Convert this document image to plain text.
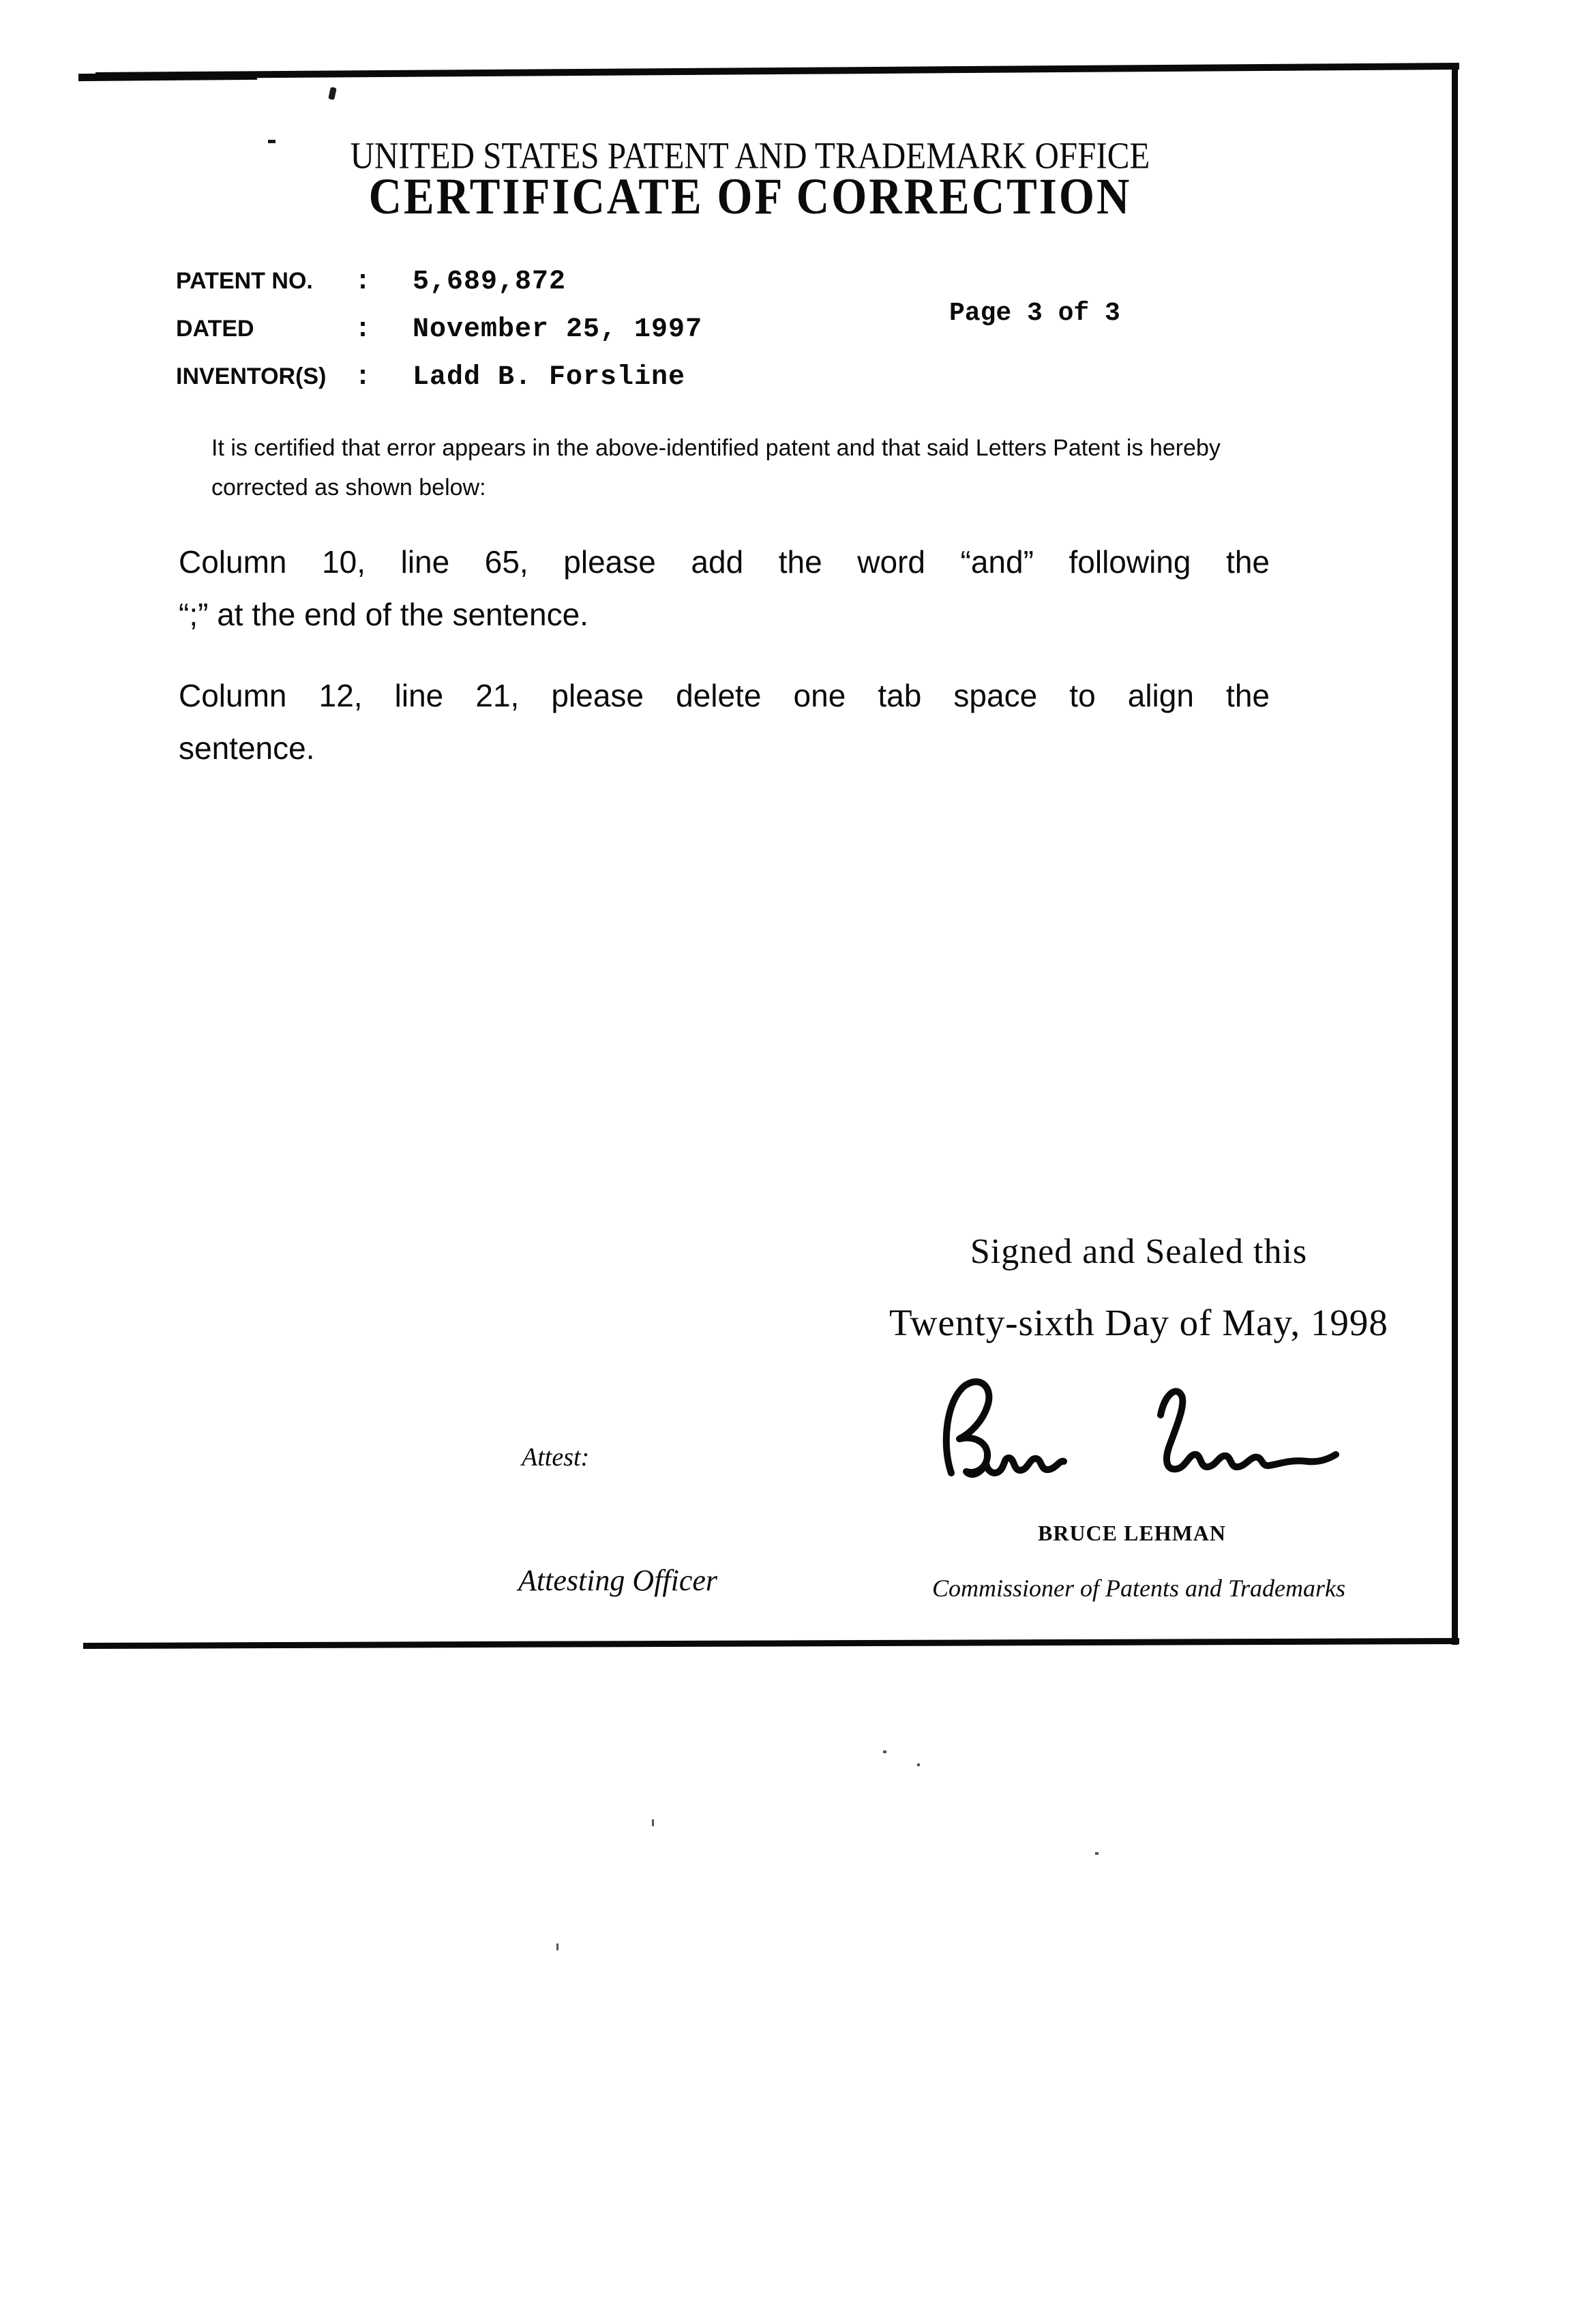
UNITED STATES PATENT AND TRADEMARK OFFICE
CERTIFICATE OF CORRECTION
PATENT NO.	:	5,689,872
DATED	:	November 25, 1997
INVENTOR(S)	:	Ladd B. Forsline
Page 3 of 3
It is certified that error appears in the above-identified patent and that said Letters Patent is hereby
corrected as shown below:
Column 10, line 65, please add the word “and” following the
“;” at the end of the sentence.
Column 12, line 21, please delete one tab space to align the
sentence.
Signed and Sealed this
Twenty-sixth Day of May, 1998
Attest:
BRUCE LEHMAN
Attesting Officer	Commissioner of Patents and Trademarks
